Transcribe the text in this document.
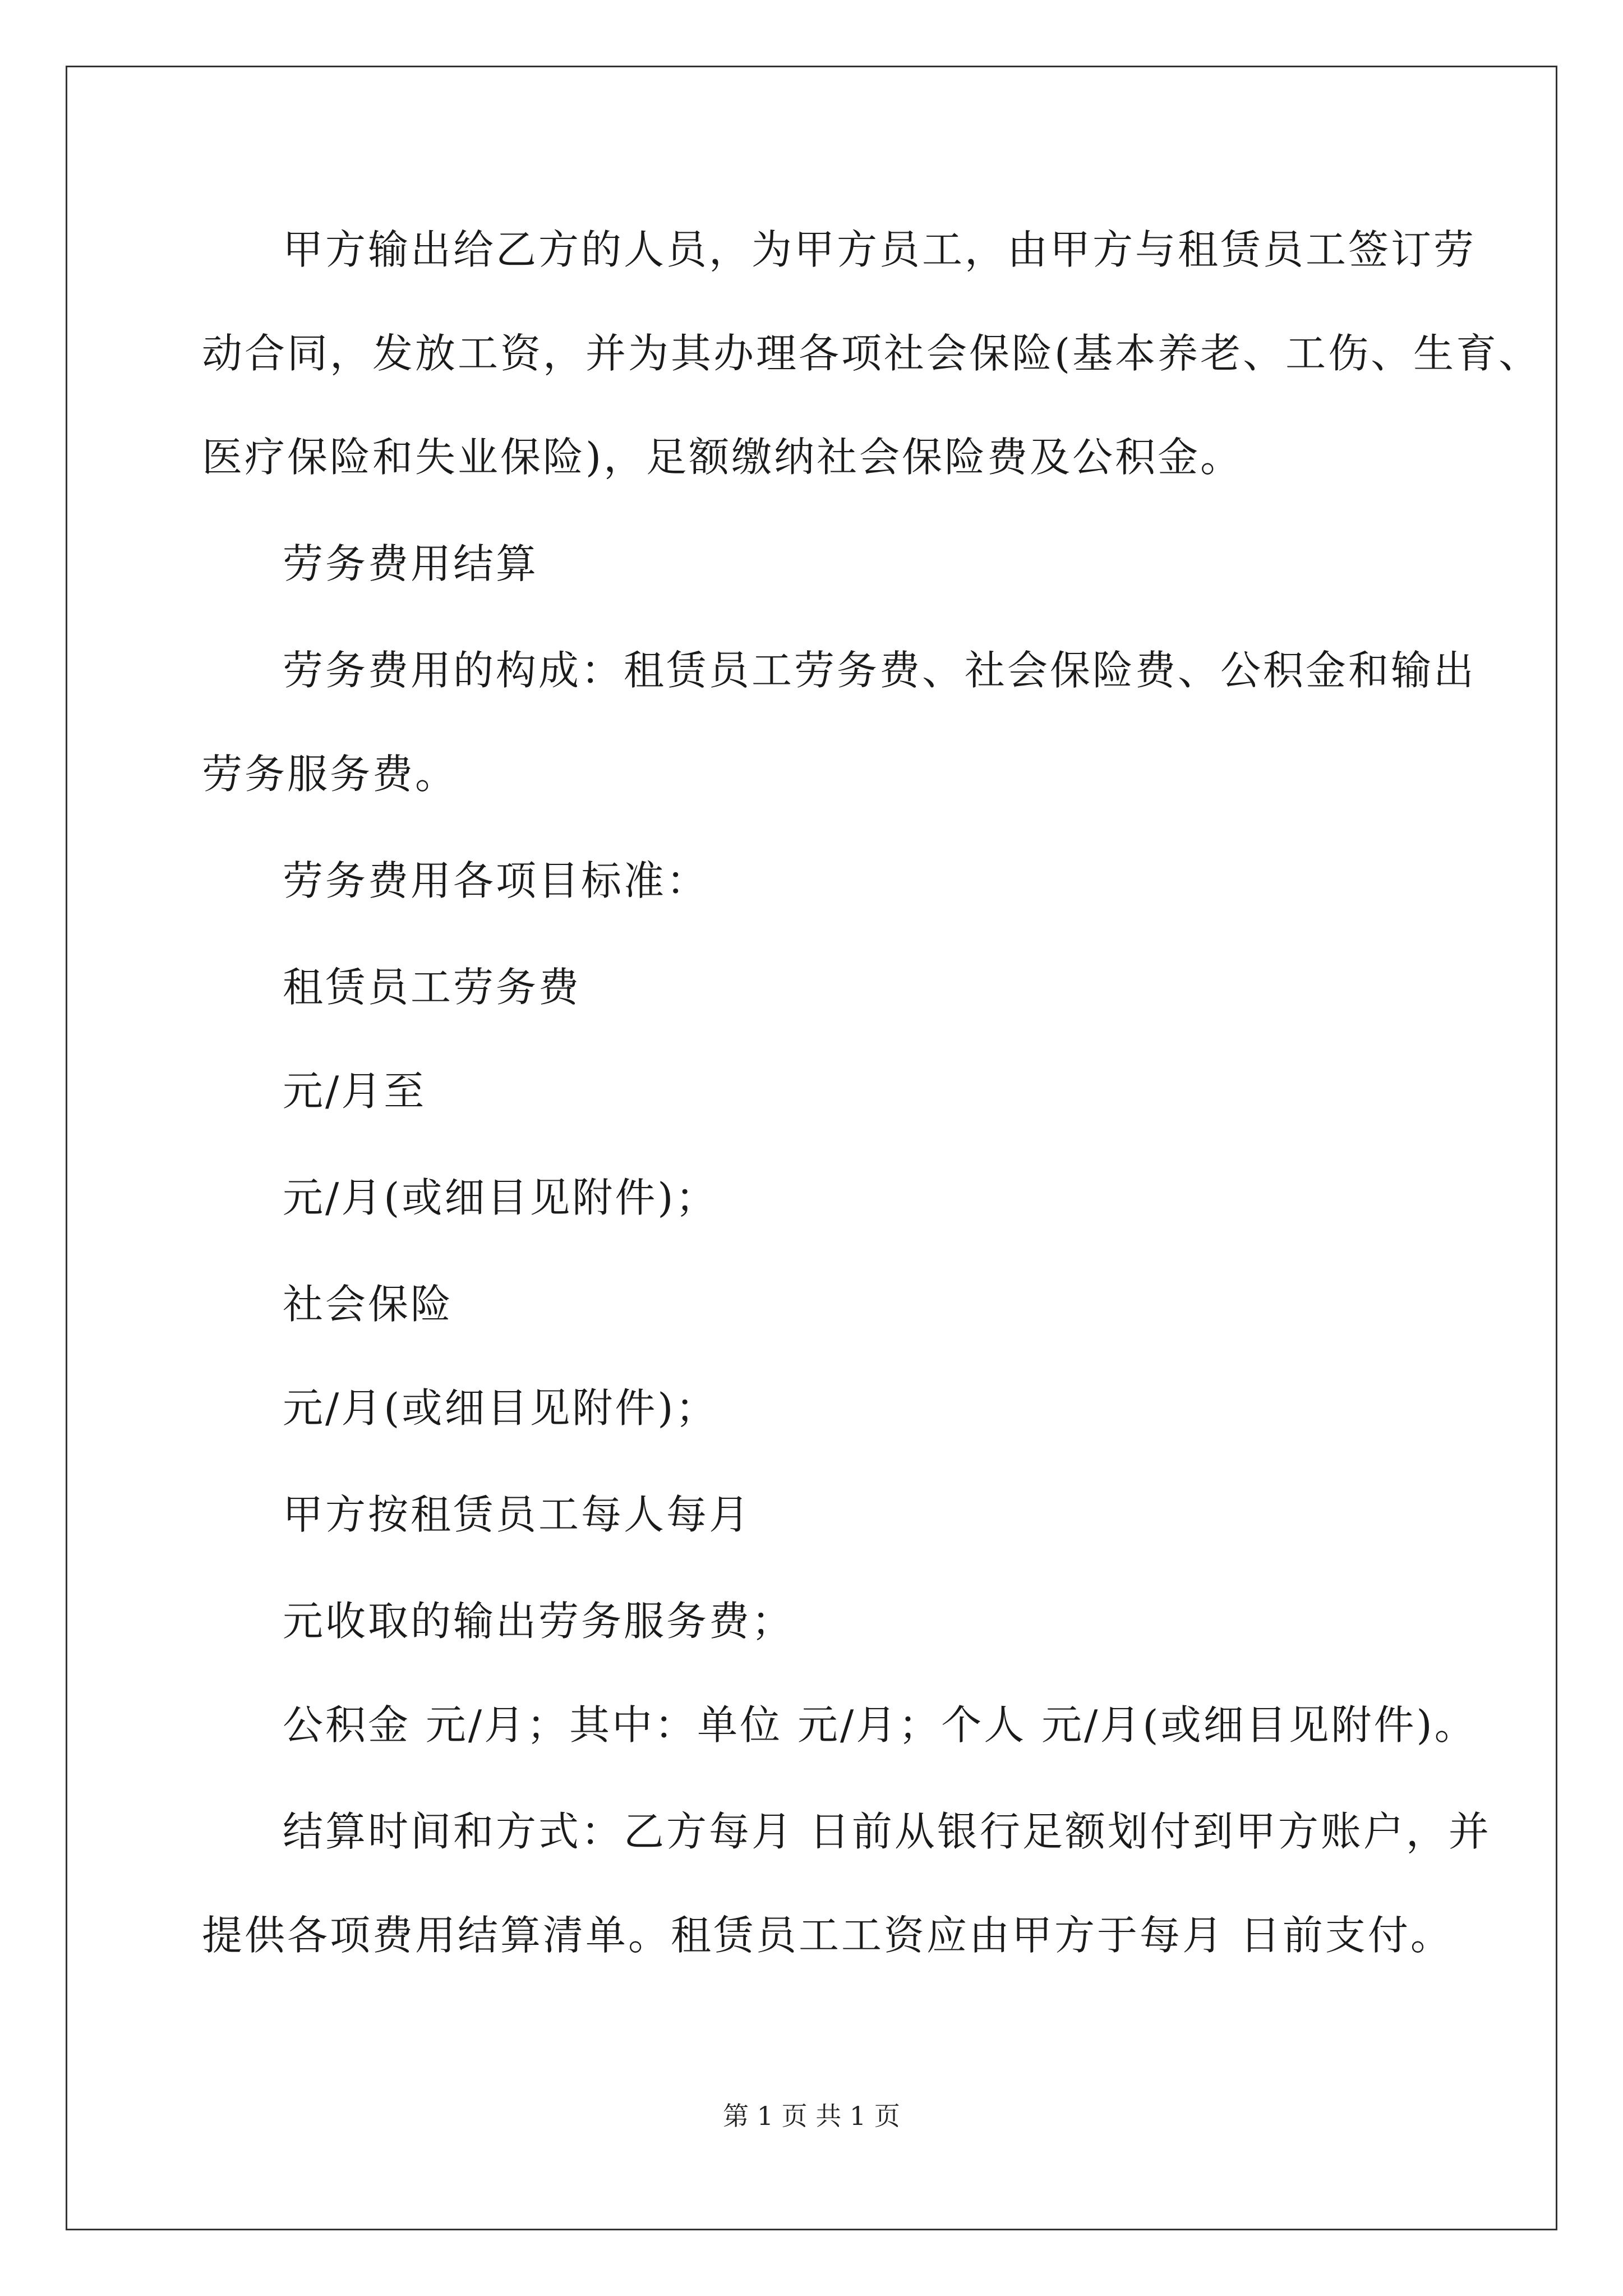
甲方输出给乙方的人员，为甲方员工，由甲方与租赁员工签订劳
动合同，发放工资，并为其办理各项社会保险(基本养老、工伤、生育、
医疗保险和失业保险)，足额缴纳社会保险费及公积金。
劳务费用结算
劳务费用的构成：租赁员工劳务费、社会保险费、公积金和输出
劳务服务费。
劳务费用各项目标准：
租赁员工劳务费
元/月至
元/月(或细目见附件)；
社会保险
元/月(或细目见附件)；
甲方按租赁员工每人每月
元收取的输出劳务服务费；
公积金 元/月；其中：单位 元/月；个人 元/月(或细目见附件)。
结算时间和方式：乙方每月 日前从银行足额划付到甲方账户，并
提供各项费用结算清单。租赁员工工资应由甲方于每月 日前支付。
第 1 页 共 1 页
